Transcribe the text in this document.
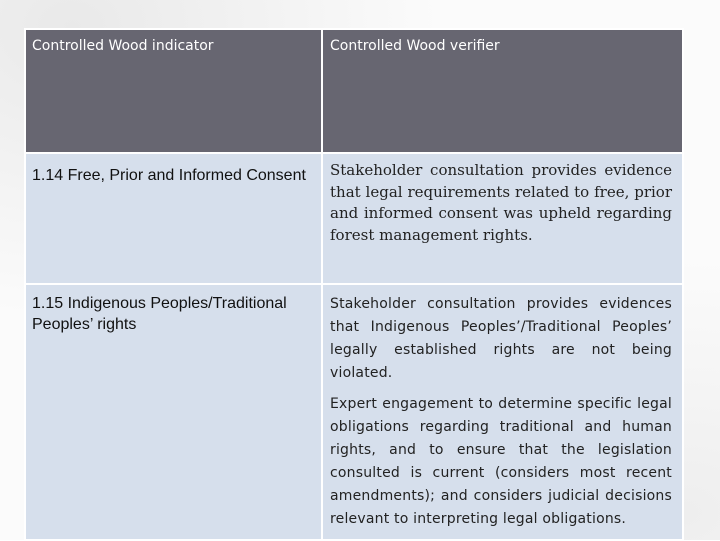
Controlled Wood indicator	Controlled Wood verifier
1.14 Free, Prior and Informed Consent	Stakeholder consultation provides evidence that legal requirements related to free, prior and informed consent was upheld regarding forest management rights.
1.15 Indigenous Peoples/Traditional Peoples’ rights	Stakeholder consultation provides evidences that Indigenous Peoples’/Traditional Peoples’ legally established rights are not being violated.

Expert engagement to determine specific legal obligations regarding traditional and human rights, and to ensure that the legislation consulted is current (considers most recent amendments); and considers judicial decisions relevant to interpreting legal obligations.
